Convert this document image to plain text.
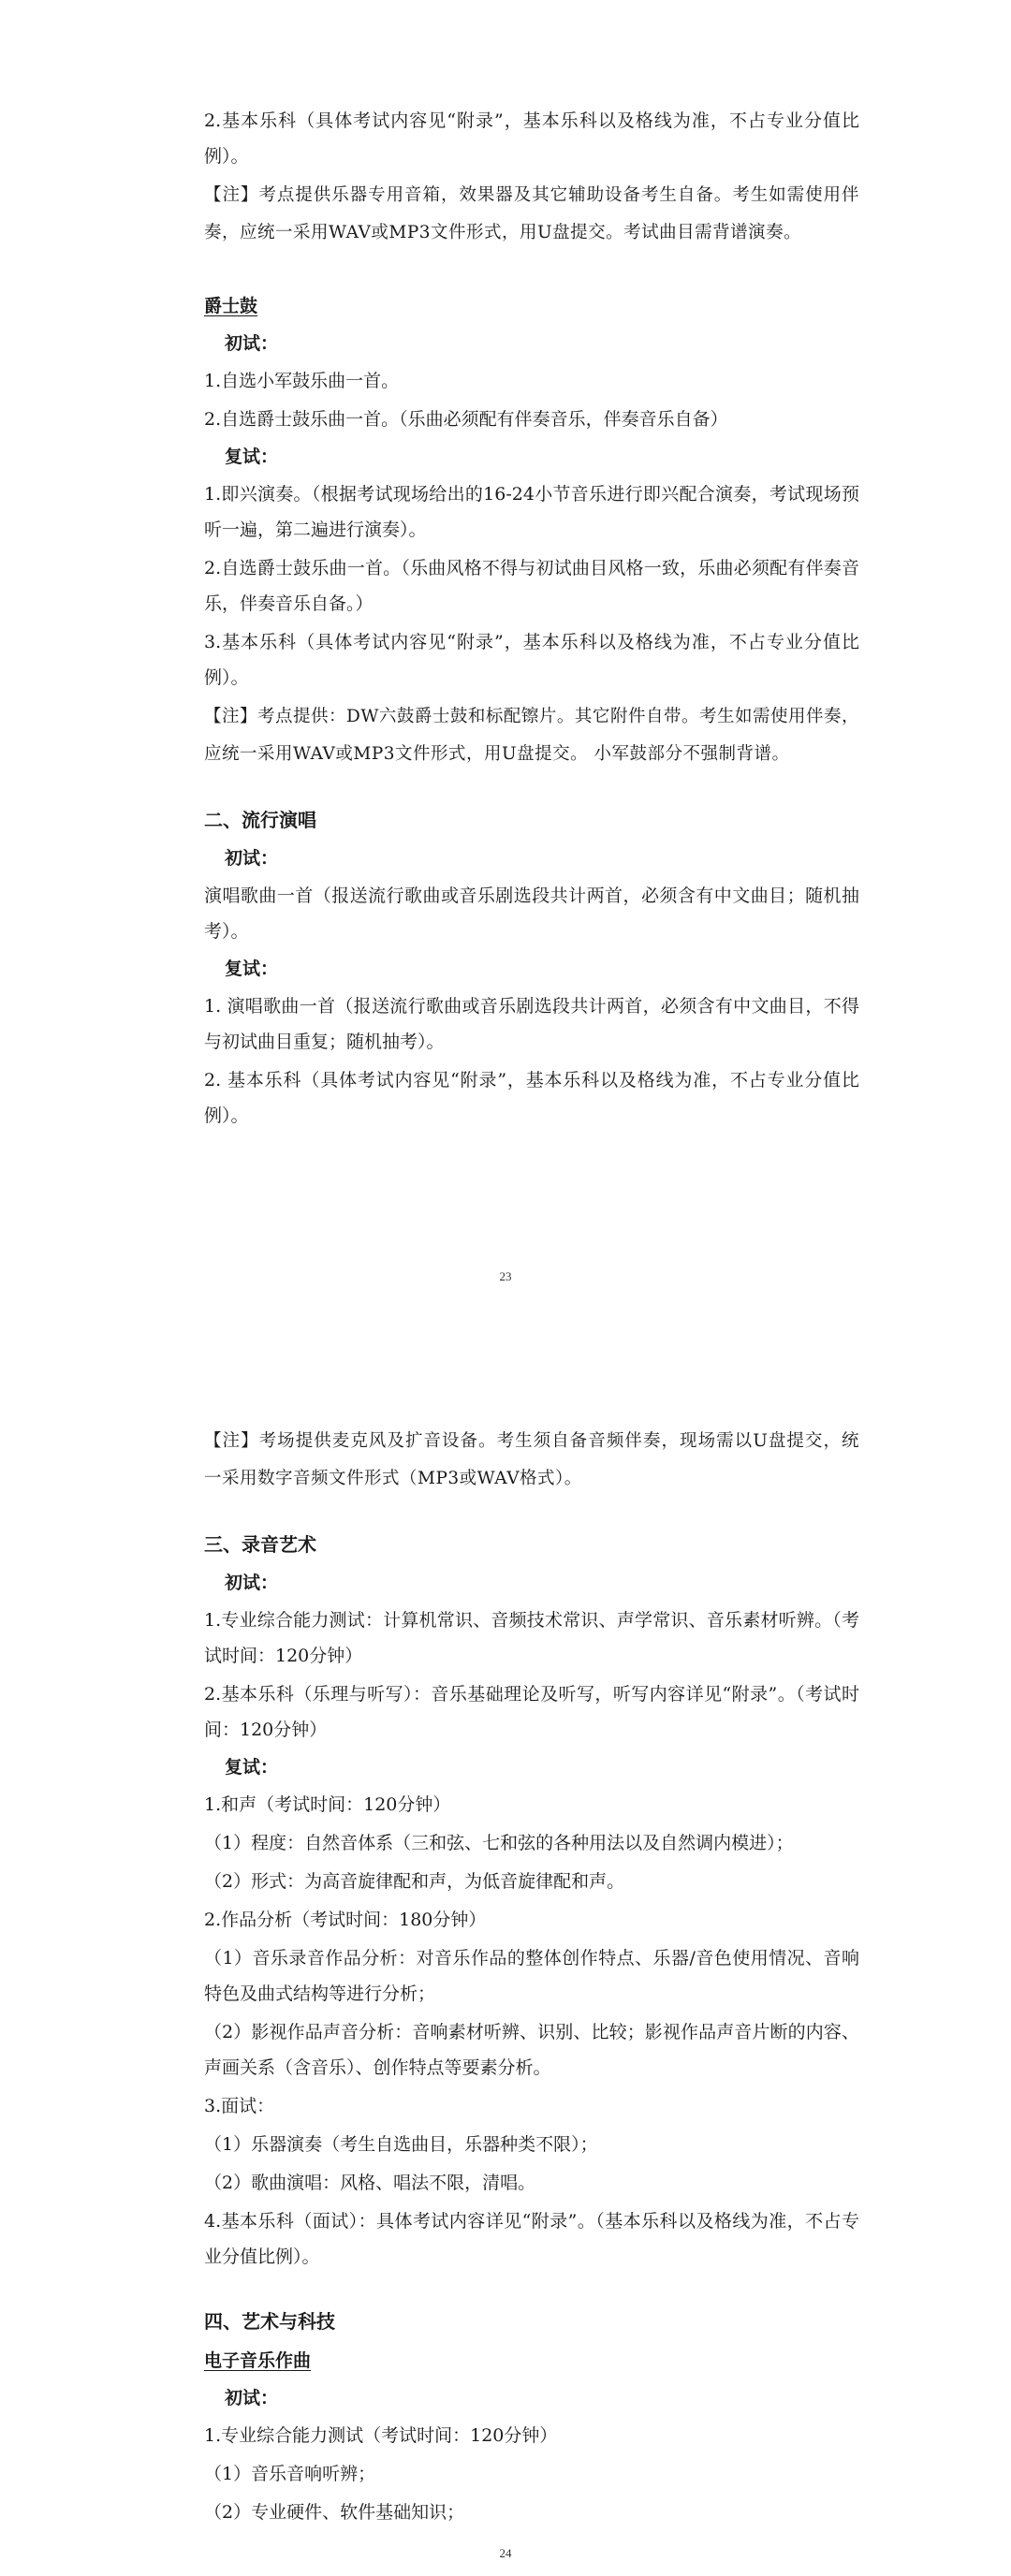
2.基本乐科（具体考试内容见“附录”，基本乐科以及格线为准，不占专业分值比例）。

【注】考点提供乐器专用音箱，效果器及其它辅助设备考生自备。考生如需使用伴奏，应统一采用WAV或MP3文件形式，用U盘提交。考试曲目需背谱演奏。

爵士鼓

初试：

1.自选小军鼓乐曲一首。

2.自选爵士鼓乐曲一首。（乐曲必须配有伴奏音乐，伴奏音乐自备）

复试：

1.即兴演奏。（根据考试现场给出的16-24小节音乐进行即兴配合演奏，考试现场预听一遍，第二遍进行演奏）。

2.自选爵士鼓乐曲一首。（乐曲风格不得与初试曲目风格一致，乐曲必须配有伴奏音乐，伴奏音乐自备。）

3.基本乐科（具体考试内容见“附录”，基本乐科以及格线为准，不占专业分值比例）。

【注】考点提供：DW六鼓爵士鼓和标配镲片。其它附件自带。考生如需使用伴奏，应统一采用WAV或MP3文件形式，用U盘提交。 小军鼓部分不强制背谱。

二、流行演唱

初试：

演唱歌曲一首（报送流行歌曲或音乐剧选段共计两首，必须含有中文曲目；随机抽考）。

复试：

1. 演唱歌曲一首（报送流行歌曲或音乐剧选段共计两首，必须含有中文曲目，不得与初试曲目重复；随机抽考）。

2. 基本乐科（具体考试内容见“附录”，基本乐科以及格线为准，不占专业分值比例）。

23

【注】考场提供麦克风及扩音设备。考生须自备音频伴奏，现场需以U盘提交，统一采用数字音频文件形式（MP3或WAV格式）。

三、录音艺术

初试：

1.专业综合能力测试：计算机常识、音频技术常识、声学常识、音乐素材听辨。（考试时间：120分钟）

2.基本乐科（乐理与听写）：音乐基础理论及听写，听写内容详见“附录”。（考试时间：120分钟）

复试：

1.和声（考试时间：120分钟）

（1）程度：自然音体系（三和弦、七和弦的各种用法以及自然调内模进）；

（2）形式：为高音旋律配和声，为低音旋律配和声。

2.作品分析（考试时间：180分钟）

（1）音乐录音作品分析：对音乐作品的整体创作特点、乐器/音色使用情况、音响特色及曲式结构等进行分析；

（2）影视作品声音分析：音响素材听辨、识别、比较；影视作品声音片断的内容、声画关系（含音乐）、创作特点等要素分析。

3.面试：

（1）乐器演奏（考生自选曲目，乐器种类不限）；

（2）歌曲演唱：风格、唱法不限，清唱。

4.基本乐科（面试）：具体考试内容详见“附录”。（基本乐科以及格线为准，不占专业分值比例）。

四、艺术与科技

电子音乐作曲

初试：

1.专业综合能力测试（考试时间：120分钟）

（1）音乐音响听辨；

（2）专业硬件、软件基础知识；

24
